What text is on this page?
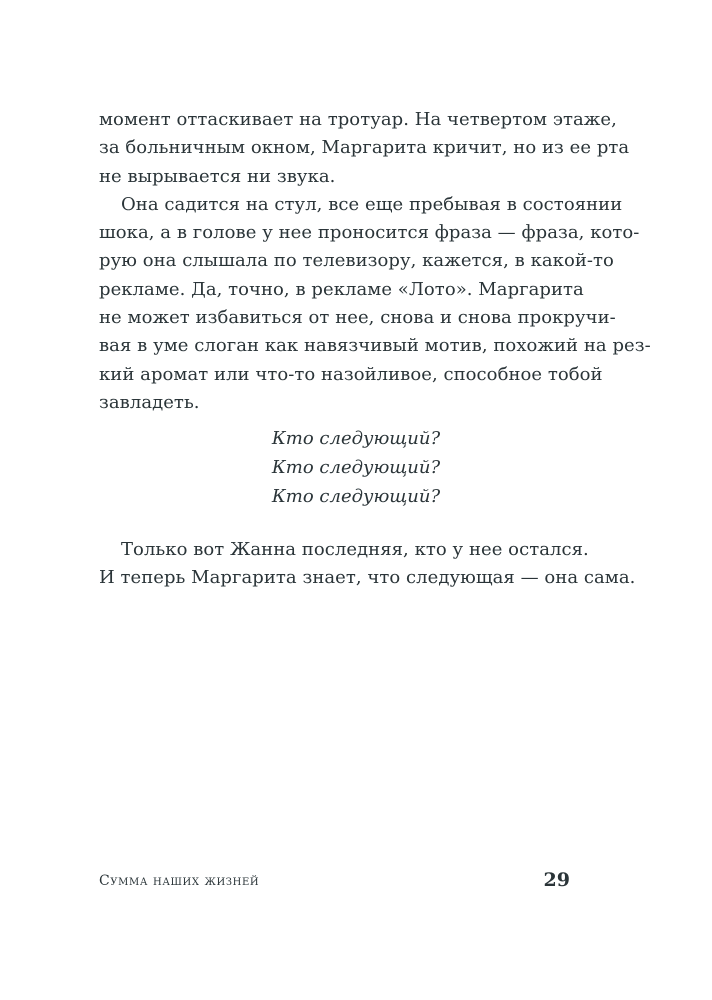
момент оттаскивает на тротуар. На четвертом этаже,
за больничным окном, Маргарита кричит, но из ее рта
не вырывается ни звука.
Она садится на стул, все еще пребывая в состоянии
шока, а в голове у нее проносится фраза — фраза, кото-
рую она слышала по телевизору, кажется, в какой-то
рекламе. Да, точно, в рекламе «Лото». Маргарита
не может избавиться от нее, снова и снова прокручи-
вая в уме слоган как навязчивый мотив, похожий на рез-
кий аромат или что-то назойливое, способное тобой
завладеть.
Кто следующий?
Кто следующий?
Кто следующий?
Только вот Жанна последняя, кто у нее остался.
И теперь Маргарита знает, что следующая — она сама.
Сумма наших жизней	29
